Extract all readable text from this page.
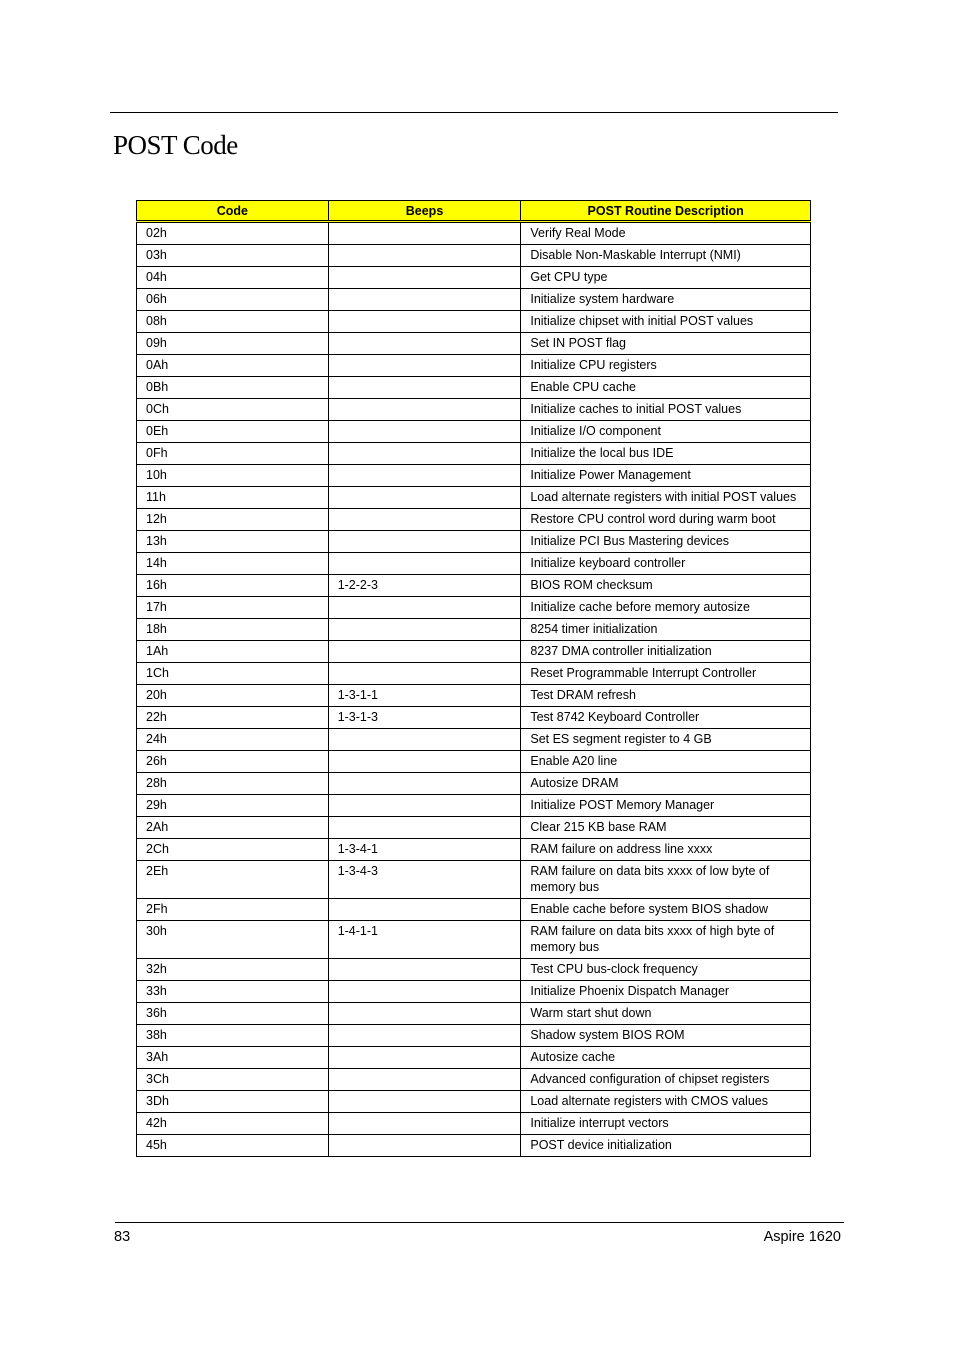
POST Code
Code	Beeps	POST Routine Description
02h		Verify Real Mode
03h		Disable Non-Maskable Interrupt (NMI)
04h		Get CPU type
06h		Initialize system hardware
08h		Initialize chipset with initial POST values
09h		Set IN POST flag
0Ah		Initialize CPU registers
0Bh		Enable CPU cache
0Ch		Initialize caches to initial POST values
0Eh		Initialize I/O component
0Fh		Initialize the local bus IDE
10h		Initialize Power Management
11h		Load alternate registers with initial POST values
12h		Restore CPU control word during warm boot
13h		Initialize PCI Bus Mastering devices
14h		Initialize keyboard controller
16h	1-2-2-3	BIOS ROM checksum
17h		Initialize cache before memory autosize
18h		8254 timer initialization
1Ah		8237 DMA controller initialization
1Ch		Reset Programmable Interrupt Controller
20h	1-3-1-1	Test DRAM refresh
22h	1-3-1-3	Test 8742 Keyboard Controller
24h		Set ES segment register to 4 GB
26h		Enable A20 line
28h		Autosize DRAM
29h		Initialize POST Memory Manager
2Ah		Clear 215 KB base RAM
2Ch	1-3-4-1	RAM failure on address line xxxx
2Eh	1-3-4-3	RAM failure on data bits xxxx of low byte of memory bus
2Fh		Enable cache before system BIOS shadow
30h	1-4-1-1	RAM failure on data bits xxxx of high byte of memory bus
32h		Test CPU bus-clock frequency
33h		Initialize Phoenix Dispatch Manager
36h		Warm start shut down
38h		Shadow system BIOS ROM
3Ah		Autosize cache
3Ch		Advanced configuration of chipset registers
3Dh		Load alternate registers with CMOS values
42h		Initialize interrupt vectors
45h		POST device initialization
83	Aspire 1620
